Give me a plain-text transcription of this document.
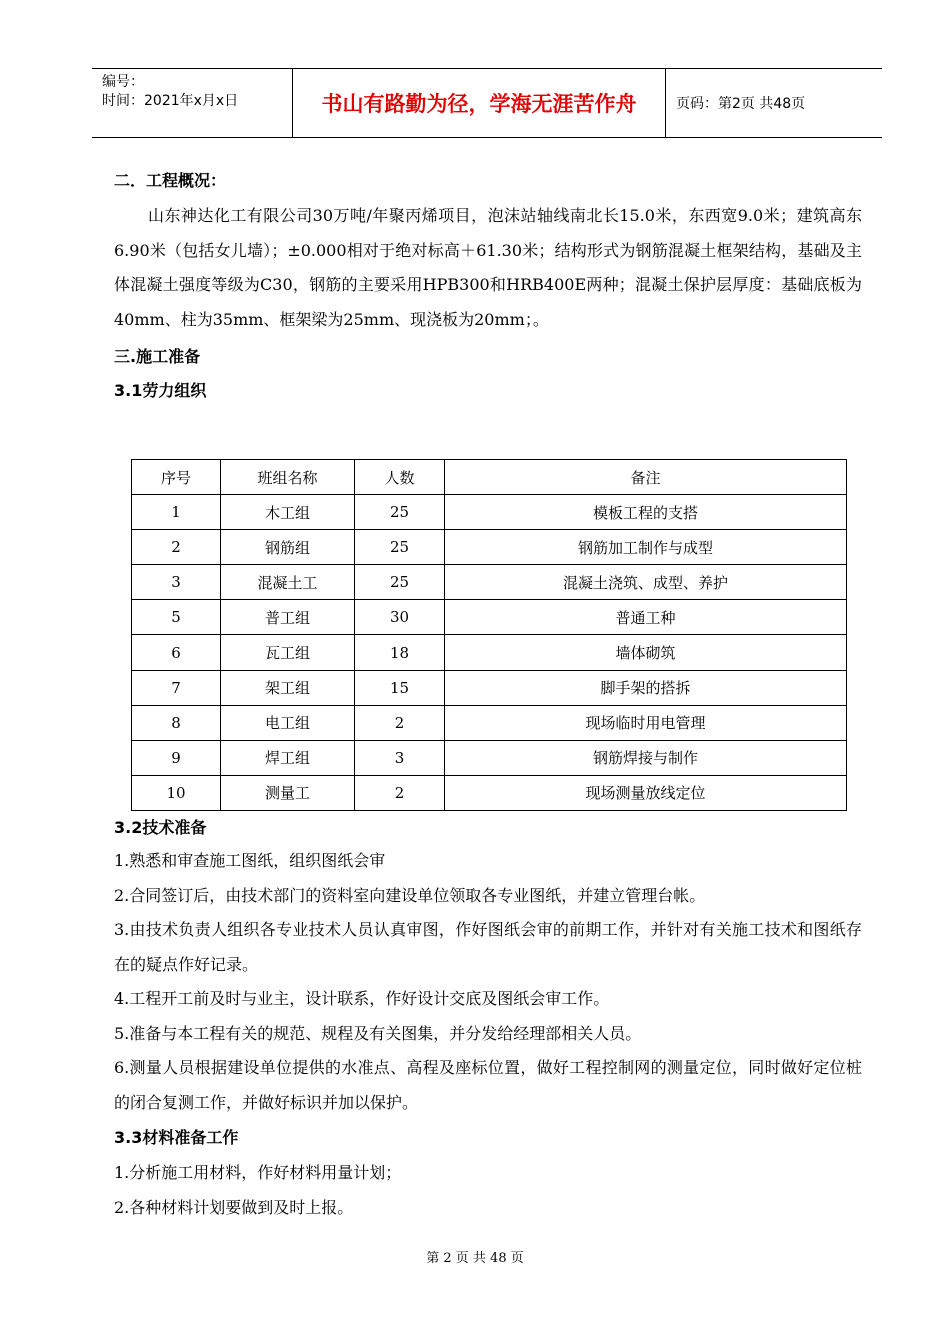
编号：
时间：2021年x月x日	书山有路勤为径，学海无涯苦作舟	页码：第2页 共48页
二．工程概况：
山东神达化工有限公司30万吨/年聚丙烯项目，泡沫站轴线南北长15.0米，东西宽9.0米；建筑高东6.90米（包括女儿墙）；±0.000相对于绝对标高＋61.30米；结构形式为钢筋混凝土框架结构，基础及主体混凝土强度等级为C30，钢筋的主要采用HPB300和HRB400E两种；混凝土保护层厚度：基础底板为40mm、柱为35mm、框架梁为25mm、现浇板为20mm；。
三.施工准备
3.1劳力组织
序号	班组名称	人数	备注
1	木工组	25	模板工程的支搭
2	钢筋组	25	钢筋加工制作与成型
3	混凝土工	25	混凝土浇筑、成型、养护
5	普工组	30	普通工种
6	瓦工组	18	墙体砌筑
7	架工组	15	脚手架的搭拆
8	电工组	2	现场临时用电管理
9	焊工组	3	钢筋焊接与制作
10	测量工	2	现场测量放线定位
3.2技术准备
1.熟悉和审查施工图纸，组织图纸会审
2.合同签订后，由技术部门的资料室向建设单位领取各专业图纸，并建立管理台帐。
3.由技术负责人组织各专业技术人员认真审图，作好图纸会审的前期工作，并针对有关施工技术和图纸存在的疑点作好记录。
4.工程开工前及时与业主，设计联系，作好设计交底及图纸会审工作。
5.准备与本工程有关的规范、规程及有关图集，并分发给经理部相关人员。
6.测量人员根据建设单位提供的水准点、高程及座标位置，做好工程控制网的测量定位，同时做好定位桩的闭合复测工作，并做好标识并加以保护。
3.3材料准备工作
1.分析施工用材料，作好材料用量计划；
2.各种材料计划要做到及时上报。
第 2 页 共 48 页
